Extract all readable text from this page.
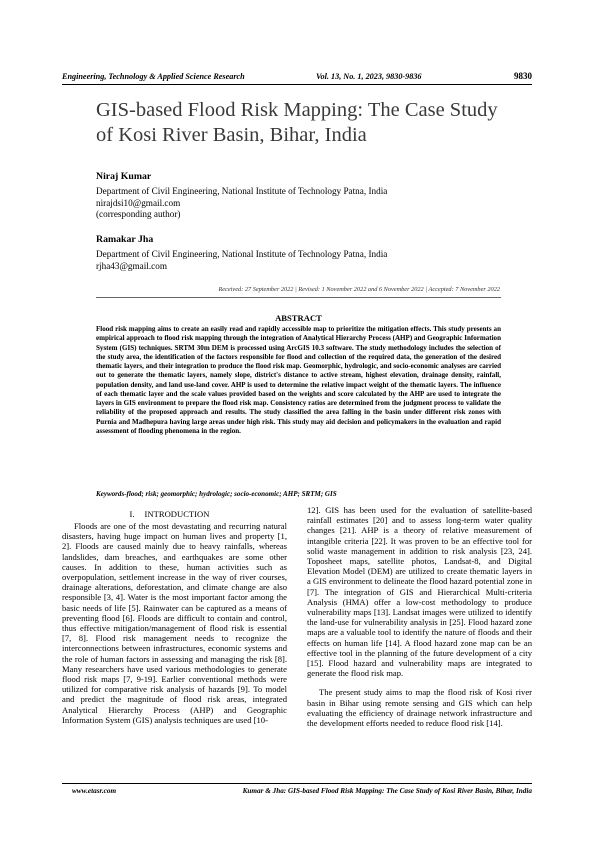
Engineering, Technology & Applied Science Research	Vol. 13, No. 1, 2023, 9830-9836	9830
GIS-based Flood Risk Mapping: The Case Study of Kosi River Basin, Bihar, India
Niraj Kumar
Department of Civil Engineering, National Institute of Technology Patna, India
nirajdsi10@gmail.com
(corresponding author)
Ramakar Jha
Department of Civil Engineering, National Institute of Technology Patna, India
rjha43@gmail.com
Received: 27 September 2022 | Revised: 1 November 2022 and 6 November 2022 | Accepted: 7 November 2022
ABSTRACT
Flood risk mapping aims to create an easily read and rapidly accessible map to prioritize the mitigation effects. This study presents an empirical approach to flood risk mapping through the integration of Analytical Hierarchy Process (AHP) and Geographic Information System (GIS) techniques. SRTM 30m DEM is processed using ArcGIS 10.3 software. The study methodology includes the selection of the study area, the identification of the factors responsible for flood and collection of the required data, the generation of the desired thematic layers, and their integration to produce the flood risk map. Geomorphic, hydrologic, and socio-economic analyses are carried out to generate the thematic layers, namely slope, district's distance to active stream, highest elevation, drainage density, rainfall, population density, and land use-land cover. AHP is used to determine the relative impact weight of the thematic layers. The influence of each thematic layer and the scale values provided based on the weights and score calculated by the AHP are used to integrate the layers in GIS environment to prepare the flood risk map. Consistency ratios are determined from the judgment process to validate the reliability of the proposed approach and results. The study classified the area falling in the basin under different risk zones with Purnia and Madhepura having large areas under high risk. This study may aid decision and policymakers in the evaluation and rapid assessment of flooding phenomena in the region.
Keywords-flood; risk; geomorphic; hydrologic; socio-economic; AHP; SRTM; GIS
I. INTRODUCTION

Floods are one of the most devastating and recurring natural disasters, having huge impact on human lives and property [1, 2]. Floods are caused mainly due to heavy rainfalls, whereas landslides, dam breaches, and earthquakes are some other causes. In addition to these, human activities such as overpopulation, settlement increase in the way of river courses, drainage alterations, deforestation, and climate change are also responsible [3, 4]. Water is the most important factor among the basic needs of life [5]. Rainwater can be captured as a means of preventing flood [6]. Floods are difficult to contain and control, thus effective mitigation/management of flood risk is essential [7, 8]. Flood risk management needs to recognize the interconnections between infrastructures, economic systems and the role of human factors in assessing and managing the risk [8]. Many researchers have used various methodologies to generate flood risk maps [7, 9-19]. Earlier conventional methods were utilized for comparative risk analysis of hazards [9]. To model and predict the magnitude of flood risk areas, integrated Analytical Hierarchy Process (AHP) and Geographic Information System (GIS) analysis techniques are used [10-

12]. GIS has been used for the evaluation of satellite-based rainfall estimates [20] and to assess long-term water quality changes [21]. AHP is a theory of relative measurement of intangible criteria [22]. It was proven to be an effective tool for solid waste management in addition to risk analysis [23, 24]. Toposheet maps, satellite photos, Landsat-8, and Digital Elevation Model (DEM) are utilized to create thematic layers in a GIS environment to delineate the flood hazard potential zone in [7]. The integration of GIS and Hierarchical Multi-criteria Analysis (HMA) offer a low-cost methodology to produce vulnerability maps [13]. Landsat images were utilized to identify the land-use for vulnerability analysis in [25]. Flood hazard zone maps are a valuable tool to identify the nature of floods and their effects on human life [14]. A flood hazard zone map can be an effective tool in the planning of the future development of a city [15]. Flood hazard and vulnerability maps are integrated to generate the flood risk map.

The present study aims to map the flood risk of Kosi river basin in Bihar using remote sensing and GIS which can help evaluating the efficiency of drainage network infrastructure and the development efforts needed to reduce flood risk [14].

www.etasr.com	Kumar & Jha: GIS-based Flood Risk Mapping: The Case Study of Kosi River Basin, Bihar, India
